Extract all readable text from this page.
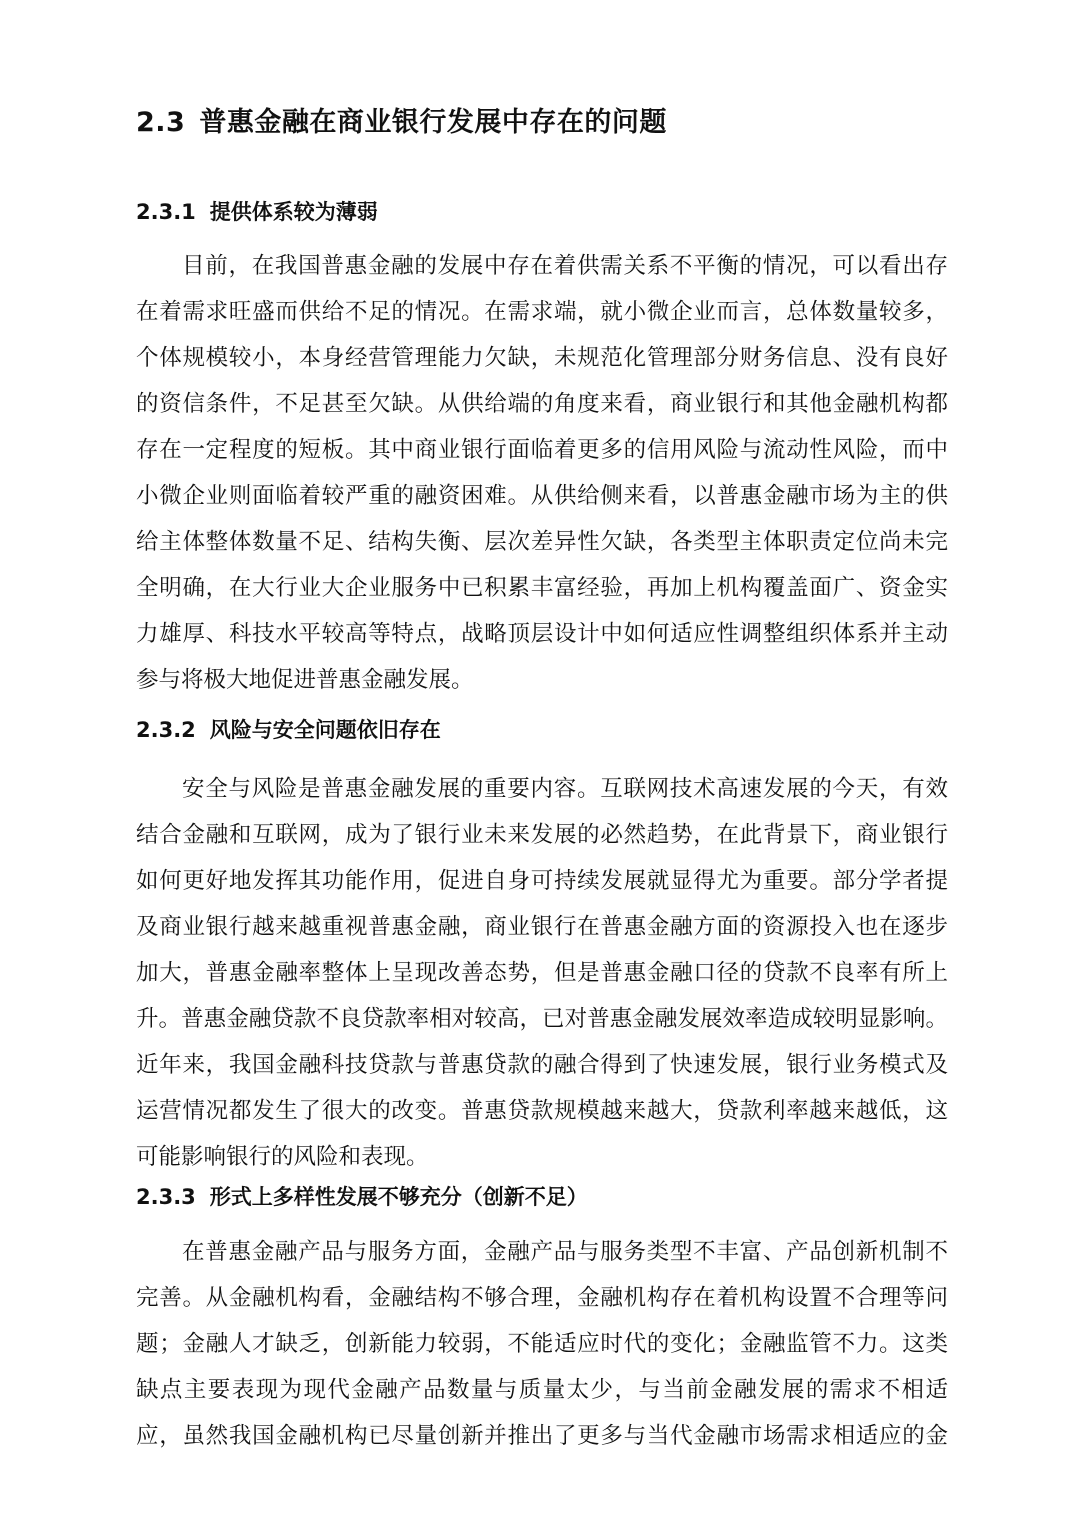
2.3 普惠金融在商业银行发展中存在的问题
2.3.1 提供体系较为薄弱
目前，在我国普惠金融的发展中存在着供需关系不平衡的情况，可以看出存
在着需求旺盛而供给不足的情况。在需求端，就小微企业而言，总体数量较多，
个体规模较小，本身经营管理能力欠缺，未规范化管理部分财务信息、没有良好
的资信条件，不足甚至欠缺。从供给端的角度来看，商业银行和其他金融机构都
存在一定程度的短板。其中商业银行面临着更多的信用风险与流动性风险，而中
小微企业则面临着较严重的融资困难。从供给侧来看，以普惠金融市场为主的供
给主体整体数量不足、结构失衡、层次差异性欠缺，各类型主体职责定位尚未完
全明确，在大行业大企业服务中已积累丰富经验，再加上机构覆盖面广、资金实
力雄厚、科技水平较高等特点，战略顶层设计中如何适应性调整组织体系并主动
参与将极大地促进普惠金融发展。
2.3.2 风险与安全问题依旧存在
安全与风险是普惠金融发展的重要内容。互联网技术高速发展的今天，有效
结合金融和互联网，成为了银行业未来发展的必然趋势，在此背景下，商业银行
如何更好地发挥其功能作用，促进自身可持续发展就显得尤为重要。部分学者提
及商业银行越来越重视普惠金融，商业银行在普惠金融方面的资源投入也在逐步
加大，普惠金融率整体上呈现改善态势，但是普惠金融口径的贷款不良率有所上
升。普惠金融贷款不良贷款率相对较高，已对普惠金融发展效率造成较明显影响。
近年来，我国金融科技贷款与普惠贷款的融合得到了快速发展，银行业务模式及
运营情况都发生了很大的改变。普惠贷款规模越来越大，贷款利率越来越低，这
可能影响银行的风险和表现。
2.3.3 形式上多样性发展不够充分（创新不足）
在普惠金融产品与服务方面，金融产品与服务类型不丰富、产品创新机制不
完善。从金融机构看，金融结构不够合理，金融机构存在着机构设置不合理等问
题；金融人才缺乏，创新能力较弱，不能适应时代的变化；金融监管不力。这类
缺点主要表现为现代金融产品数量与质量太少，与当前金融发展的需求不相适
应，虽然我国金融机构已尽量创新并推出了更多与当代金融市场需求相适应的金
